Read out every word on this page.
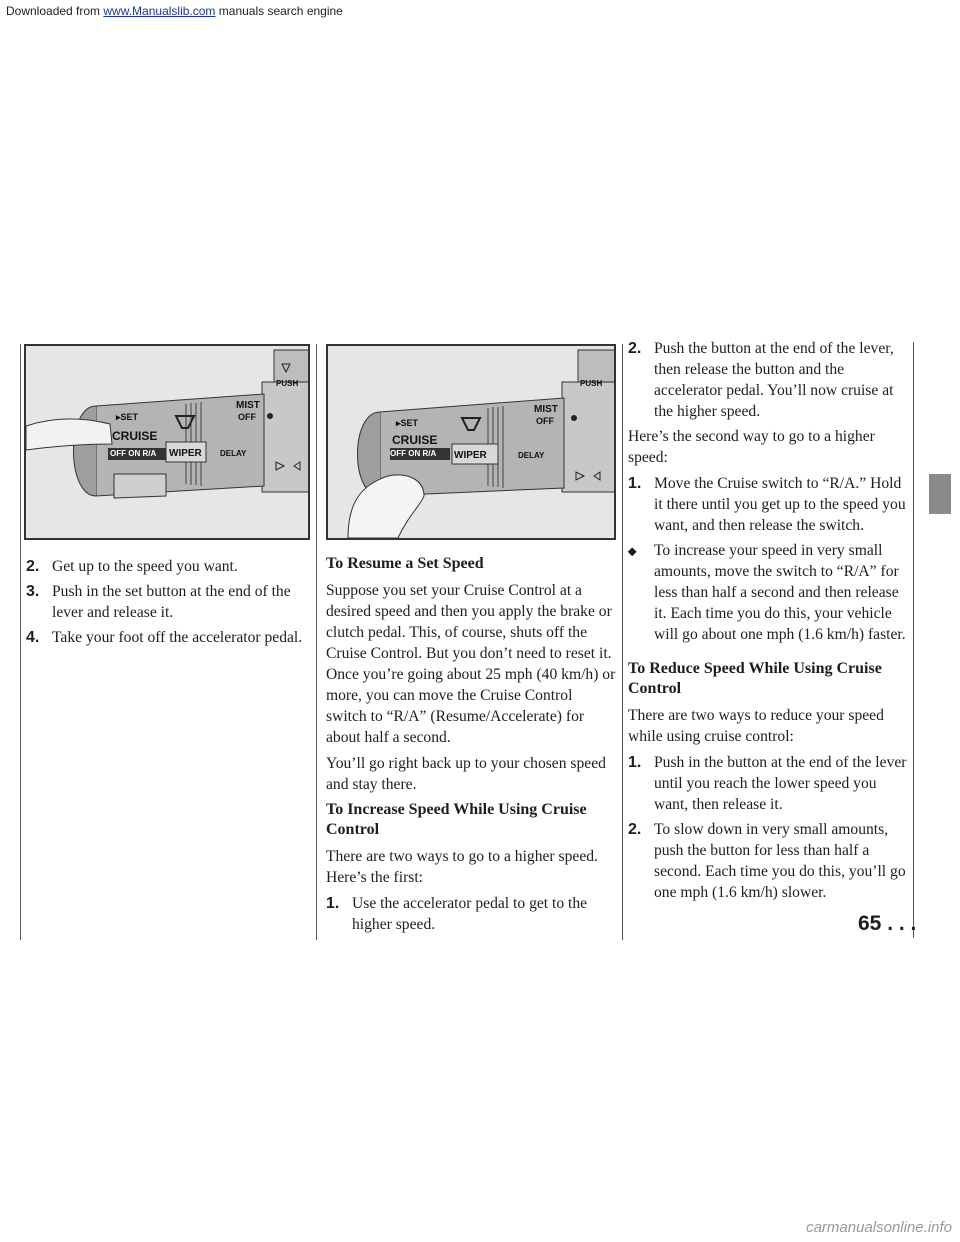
Downloaded from www.Manualslib.com manuals search engine
▸SET
CRUISE
OFF ON R/A
MIST
OFF
WIPER DELAY
PUSH
▸SET
CRUISE
OFF ON R/A
MIST
OFF
WIPER	DELAY
PUSH
2. Get up to the speed you want.
3. Push in the set button at the end of the lever and release it.
4. Take your foot off the accelerator pedal.
To Resume a Set Speed

Suppose you set your Cruise Control at a desired speed and then you apply the brake or clutch pedal. This, of course, shuts off the Cruise Control. But you don’t need to reset it. Once you’re going about 25 mph (40 km/h) or more, you can move the Cruise Control switch to “R/A” (Resume/Accelerate) for about half a second.

You’ll go right back up to your chosen speed and stay there.

To Increase Speed While Using Cruise Control

There are two ways to go to a higher speed. Here’s the first:

1. Use the accelerator pedal to get to the higher speed.
2. Push the button at the end of the lever, then release the button and the accelerator pedal. You’ll now cruise at the higher speed.

Here’s the second way to go to a higher speed:

1. Move the Cruise switch to “R/A.” Hold it there until you get up to the speed you want, and then release the switch.
⬥ To increase your speed in very small amounts, move the switch to “R/A” for less than half a second and then release it. Each time you do this, your vehicle will go about one mph (1.6 km/h) faster.
To Reduce Speed While Using Cruise Control

There are two ways to reduce your speed while using cruise control:

1. Push in the button at the end of the lever until you reach the lower speed you want, then release it.
2. To slow down in very small amounts, push the button for less than half a second. Each time you do this, you’ll go one mph (1.6 km/h) slower.
65 . . .
carmanualsonline.info
